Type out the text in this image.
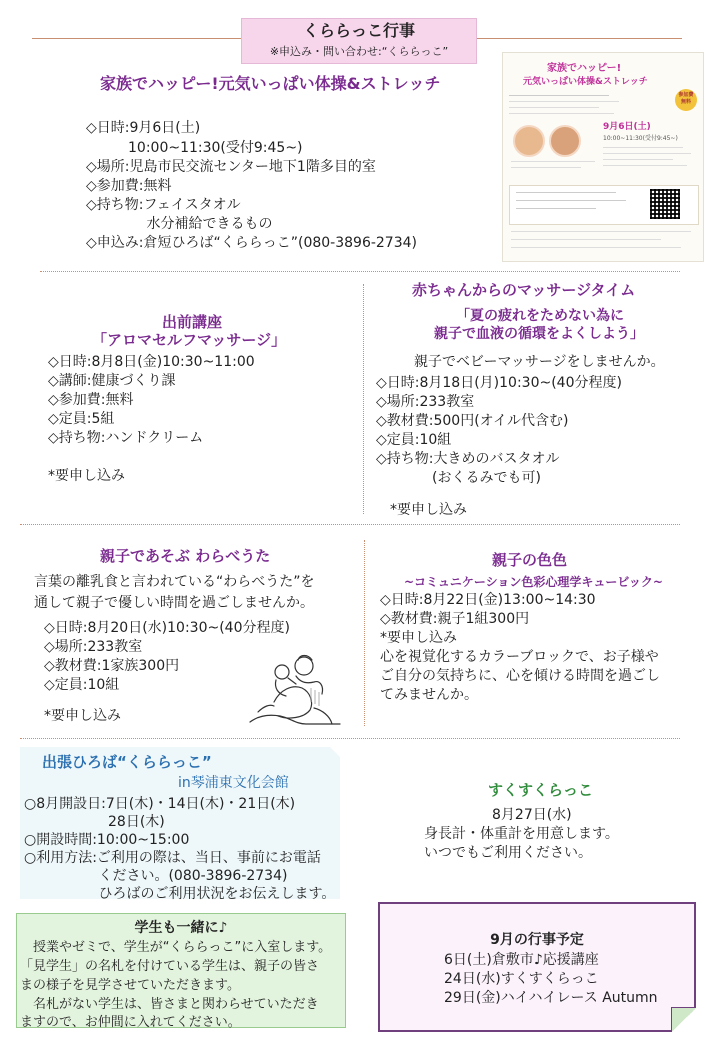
くららっこ行事
※申込み・問い合わせ:“くららっこ”
家族でハッピー!元気いっぱい体操&ストレッチ
◇日時:9月6日(土)
　　　10:00~11:30(受付9:45~)
◇場所:児島市民交流センター地下1階多目的室
◇参加費:無料
◇持ち物:フェイスタオル
　　　　 水分補給できるもの
◇申込み:倉短ひろば“くららっこ”(080-3896-2734)
家族でハッピー!
元気いっぱい体操&ストレッチ
参加費 無料
9月6日(土)
10:00~11:30(受付9:45~)
出前講座
「アロマセルフマッサージ」
◇日時:8月8日(金)10:30~11:00
◇講師:健康づくり課
◇参加費:無料
◇定員:5組
◇持ち物:ハンドクリーム
*要申し込み
赤ちゃんからのマッサージタイム
「夏の疲れをためない為に
親子で血液の循環をよくしよう」
親子でベビーマッサージをしませんか。
◇日時:8月18日(月)10:30~(40分程度)
◇場所:233教室
◇教材費:500円(オイル代含む)
◇定員:10組
◇持ち物:大きめのバスタオル
　　　　(おくるみでも可)
*要申し込み
親子であそぶ わらべうた
言葉の離乳食と言われている“わらべうた”を
通して親子で優しい時間を過ごしませんか。
◇日時:8月20日(水)10:30~(40分程度)
◇場所:233教室
◇教材費:1家族300円
◇定員:10組
*要申し込み
親子の色色
~コミュニケーション色彩心理学キュービック~
◇日時:8月22日(金)13:00~14:30
◇教材費:親子1組300円
*要申し込み
心を視覚化するカラーブロックで、お子様や
ご自分の気持ちに、心を傾ける時間を過ごし
てみませんか。
出張ひろば“くららっこ”
in琴浦東文化会館
○8月開設日:7日(木)・14日(木)・21日(木)
　　　　　　28日(木)
○開設時間:10:00~15:00
○利用方法:ご利用の際は、当日、事前にお電話
　　　　　 ください。(080-3896-2734)
　　　　　 ひろばのご利用状況をお伝えします。
すくすくらっこ
8月27日(水)
身長計・体重計を用意します。
いつでもご利用ください。
学生も一緒に♪
　授業やゼミで、学生が“くららっこ”に入室します。
「見学生」の名札を付けている学生は、親子の皆さ
まの様子を見学させていただきます。
　名札がない学生は、皆さまと関わらせていただき
ますので、お仲間に入れてください。
9月の行事予定
6日(土)倉敷市♪応援講座
24日(水)すくすくらっこ
29日(金)ハイハイレース Autumn
